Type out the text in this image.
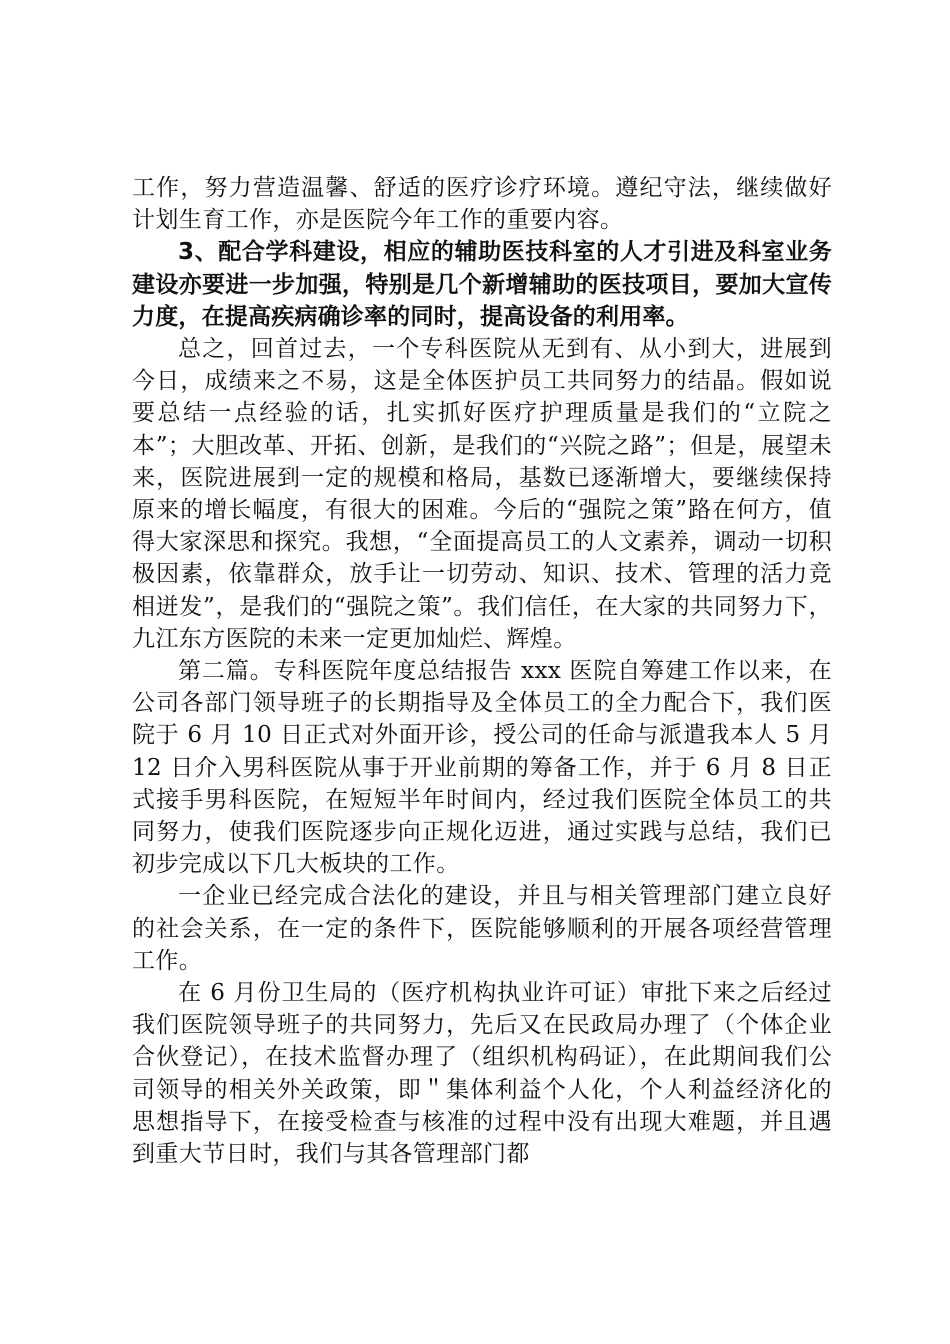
工作，努力营造温馨、舒适的医疗诊疗环境。遵纪守法，继续做好计划生育工作，亦是医院今年工作的重要内容。

3、配合学科建设，相应的辅助医技科室的人才引进及科室业务建设亦要进一步加强，特别是几个新增辅助的医技项目，要加大宣传力度，在提高疾病确诊率的同时，提高设备的利用率。

总之，回首过去，一个专科医院从无到有、从小到大，进展到今日，成绩来之不易，这是全体医护员工共同努力的结晶。假如说要总结一点经验的话，扎实抓好医疗护理质量是我们的“立院之本”；大胆改革、开拓、创新，是我们的“兴院之路”；但是，展望未来，医院进展到一定的规模和格局，基数已逐渐增大，要继续保持原来的增长幅度，有很大的困难。今后的“强院之策”路在何方，值得大家深思和探究。我想，“全面提高员工的人文素养，调动一切积极因素，依靠群众，放手让一切劳动、知识、技术、管理的活力竞相迸发”，是我们的“强院之策”。我们信任，在大家的共同努力下，九江东方医院的未来一定更加灿烂、辉煌。

第二篇。专科医院年度总结报告 xxx 医院自筹建工作以来，在公司各部门领导班子的长期指导及全体员工的全力配合下，我们医院于 6 月 10 日正式对外面开诊，授公司的任命与派遣我本人 5 月 12 日介入男科医院从事于开业前期的筹备工作，并于 6 月 8 日正式接手男科医院，在短短半年时间内，经过我们医院全体员工的共同努力，使我们医院逐步向正规化迈进，通过实践与总结，我们已初步完成以下几大板块的工作。

一企业已经完成合法化的建设，并且与相关管理部门建立良好的社会关系，在一定的条件下，医院能够顺利的开展各项经营管理工作。

在 6 月份卫生局的（医疗机构执业许可证）审批下来之后经过我们医院领导班子的共同努力，先后又在民政局办理了（个体企业合伙登记），在技术监督办理了（组织机构码证），在此期间我们公司领导的相关外关政策，即＂集体利益个人化，个人利益经济化的思想指导下，在接受检查与核准的过程中没有出现大难题，并且遇到重大节日时，我们与其各管理部门都
